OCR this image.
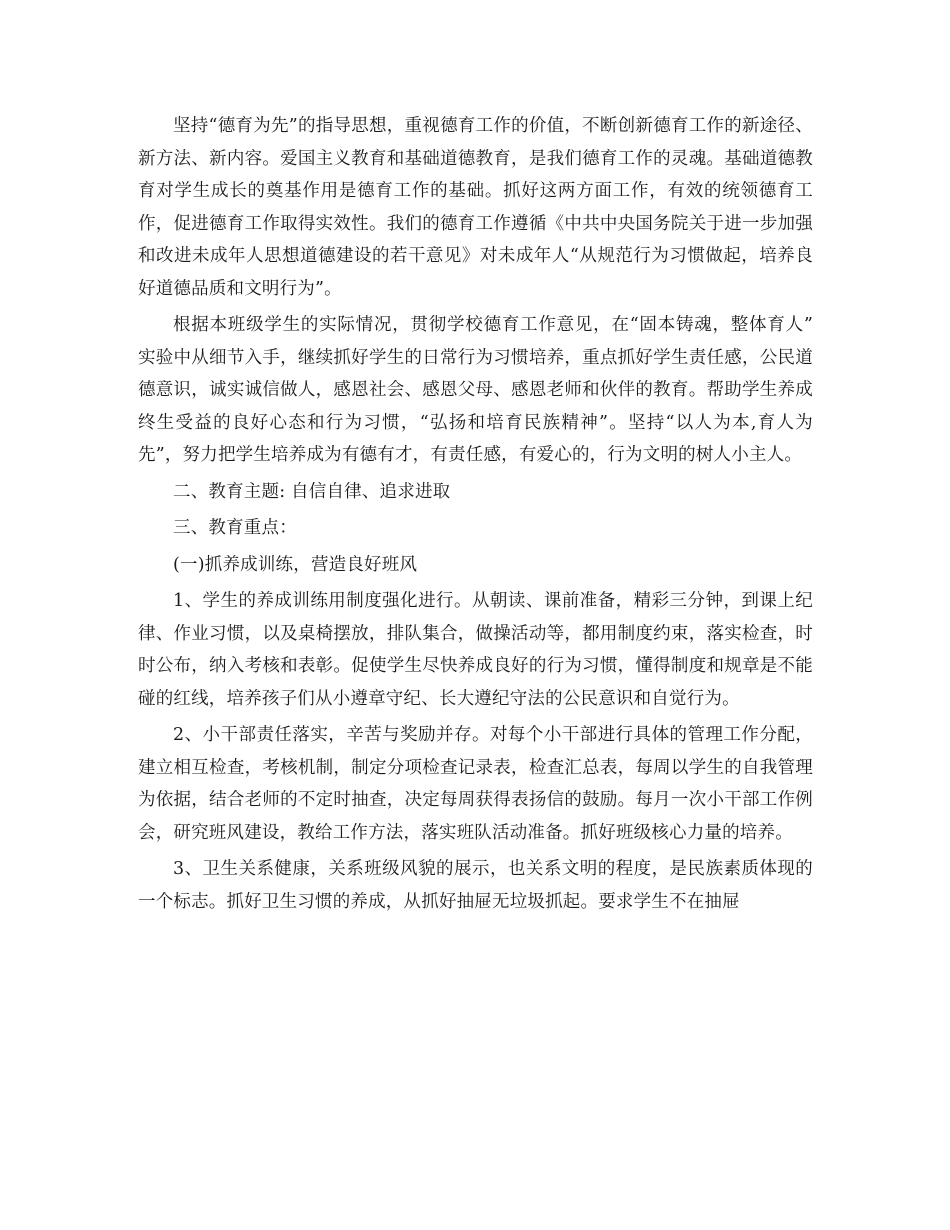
坚持“德育为先”的指导思想，重视德育工作的价值，不断创新德育工作的新途径、新方法、新内容。爱国主义教育和基础道德教育，是我们德育工作的灵魂。基础道德教育对学生成长的奠基作用是德育工作的基础。抓好这两方面工作，有效的统领德育工作，促进德育工作取得实效性。我们的德育工作遵循《中共中央国务院关于进一步加强和改进未成年人思想道德建设的若干意见》对未成年人“从规范行为习惯做起，培养良好道德品质和文明行为”。

根据本班级学生的实际情况，贯彻学校德育工作意见，在“固本铸魂，整体育人” 实验中从细节入手，继续抓好学生的日常行为习惯培养，重点抓好学生责任感，公民道德意识，诚实诚信做人，感恩社会、感恩父母、感恩老师和伙伴的教育。帮助学生养成终生受益的良好心态和行为习惯，“弘扬和培育民族精神”。坚持“以人为本,育人为先”，努力把学生培养成为有德有才，有责任感，有爱心的，行为文明的树人小主人。

二、教育主题: 自信自律、追求进取

三、教育重点：

(一)抓养成训练，营造良好班风

1、学生的养成训练用制度强化进行。从朝读、课前准备，精彩三分钟，到课上纪律、作业习惯，以及桌椅摆放，排队集合，做操活动等，都用制度约束，落实检查，时时公布，纳入考核和表彰。促使学生尽快养成良好的行为习惯，懂得制度和规章是不能碰的红线，培养孩子们从小遵章守纪、长大遵纪守法的公民意识和自觉行为。

2、小干部责任落实，辛苦与奖励并存。对每个小干部进行具体的管理工作分配，建立相互检查，考核机制，制定分项检查记录表，检查汇总表，每周以学生的自我管理为依据，结合老师的不定时抽查，决定每周获得表扬信的鼓励。每月一次小干部工作例会，研究班风建设，教给工作方法，落实班队活动准备。抓好班级核心力量的培养。

3、卫生关系健康，关系班级风貌的展示，也关系文明的程度，是民族素质体现的一个标志。抓好卫生习惯的养成，从抓好抽屉无垃圾抓起。要求学生不在抽屉
